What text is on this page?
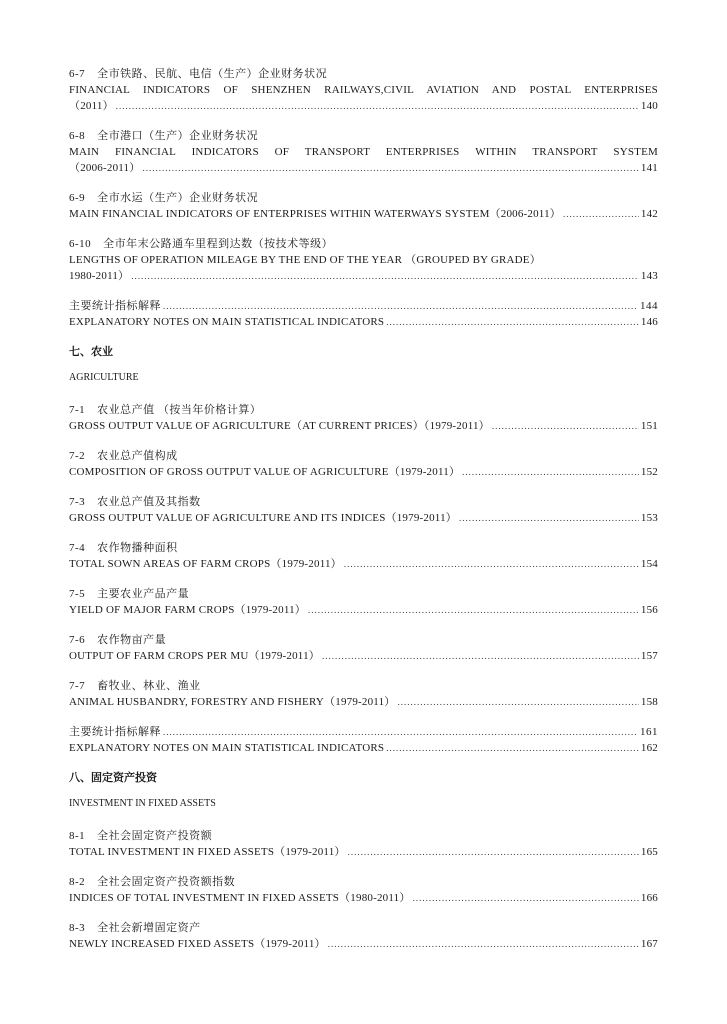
6-7 全市铁路、民航、电信（生产）企业财务状况
FINANCIAL INDICATORS OF SHENZHEN RAILWAYS,CIVIL AVIATION AND POSTAL ENTERPRISES
（2011） .....	140
6-8 全市港口（生产）企业财务状况
MAIN FINANCIAL INDICATORS OF TRANSPORT ENTERPRISES WITHIN TRANSPORT SYSTEM
（2006-2011） .....	141
6-9 全市水运（生产）企业财务状况
MAIN FINANCIAL INDICATORS OF ENTERPRISES WITHIN WATERWAYS SYSTEM（2006-2011） .....	142
6-10 全市年末公路通车里程到达数（按技术等级）
LENGTHS OF OPERATION MILEAGE BY THE END OF THE YEAR （GROUPED BY GRADE）
1980-2011） .....	143
主要统计指标解释 .....	144
EXPLANATORY NOTES ON MAIN STATISTICAL INDICATORS .....	146
七、农业
AGRICULTURE
7-1 农业总产值 （按当年价格计算）
GROSS OUTPUT VALUE OF AGRICULTURE（AT CURRENT PRICES）（1979-2011） .....	151
7-2 农业总产值构成
COMPOSITION OF GROSS OUTPUT VALUE OF AGRICULTURE（1979-2011） .....	152
7-3 农业总产值及其指数
GROSS OUTPUT VALUE OF AGRICULTURE AND ITS INDICES（1979-2011） .....	153
7-4 农作物播种面积
TOTAL SOWN AREAS OF FARM CROPS（1979-2011） .....	154
7-5 主要农业产品产量
YIELD OF MAJOR FARM CROPS（1979-2011） .....	156
7-6 农作物亩产量
OUTPUT OF FARM CROPS PER MU（1979-2011） .....	157
7-7 畜牧业、林业、渔业
ANIMAL HUSBANDRY, FORESTRY AND FISHERY（1979-2011） .....	158
主要统计指标解释 .....	161
EXPLANATORY NOTES ON MAIN STATISTICAL INDICATORS .....	162
八、固定资产投资
INVESTMENT IN FIXED ASSETS
8-1 全社会固定资产投资额
TOTAL INVESTMENT IN FIXED ASSETS（1979-2011） .....	165
8-2 全社会固定资产投资额指数
INDICES OF TOTAL INVESTMENT IN FIXED ASSETS（1980-2011） .....	166
8-3 全社会新增固定资产
NEWLY INCREASED FIXED ASSETS（1979-2011） .....	167
